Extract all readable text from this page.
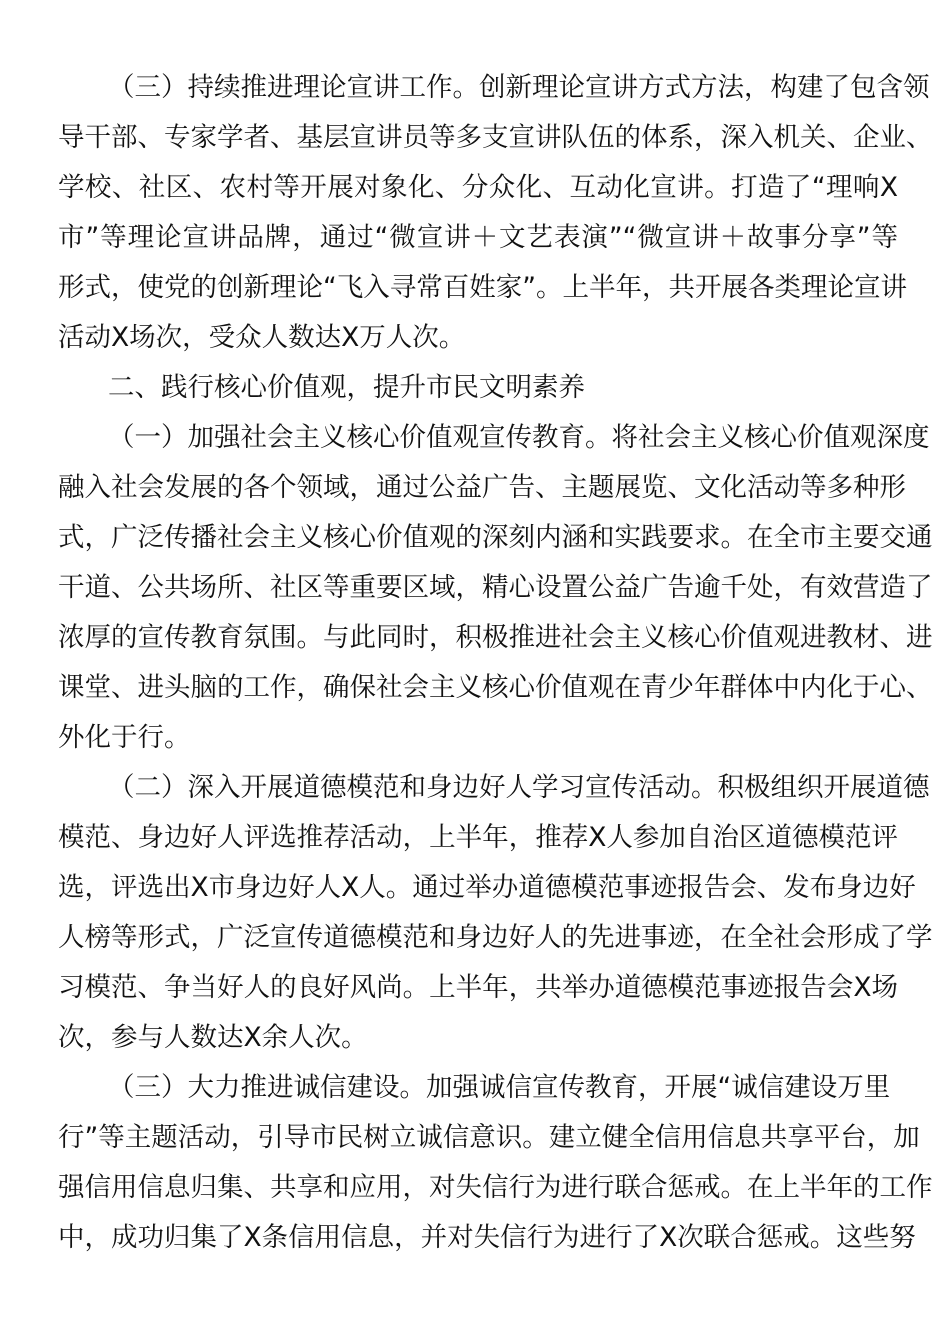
（三）持续推进理论宣讲工作。创新理论宣讲方式方法，构建了包含领
导干部、专家学者、基层宣讲员等多支宣讲队伍的体系，深入机关、企业、
学校、社区、农村等开展对象化、分众化、互动化宣讲。打造了“理响X
市”等理论宣讲品牌，通过“微宣讲＋文艺表演”“微宣讲＋故事分享”等
形式，使党的创新理论“飞入寻常百姓家”。上半年，共开展各类理论宣讲
活动X场次，受众人数达X万人次。
二、践行核心价值观，提升市民文明素养
（一）加强社会主义核心价值观宣传教育。将社会主义核心价值观深度
融入社会发展的各个领域，通过公益广告、主题展览、文化活动等多种形
式，广泛传播社会主义核心价值观的深刻内涵和实践要求。在全市主要交通
干道、公共场所、社区等重要区域，精心设置公益广告逾千处，有效营造了
浓厚的宣传教育氛围。与此同时，积极推进社会主义核心价值观进教材、进
课堂、进头脑的工作，确保社会主义核心价值观在青少年群体中内化于心、
外化于行。
（二）深入开展道德模范和身边好人学习宣传活动。积极组织开展道德
模范、身边好人评选推荐活动，上半年，推荐X人参加自治区道德模范评
选，评选出X市身边好人X人。通过举办道德模范事迹报告会、发布身边好
人榜等形式，广泛宣传道德模范和身边好人的先进事迹，在全社会形成了学
习模范、争当好人的良好风尚。上半年，共举办道德模范事迹报告会X场
次，参与人数达X余人次。
（三）大力推进诚信建设。加强诚信宣传教育，开展“诚信建设万里
行”等主题活动，引导市民树立诚信意识。建立健全信用信息共享平台，加
强信用信息归集、共享和应用，对失信行为进行联合惩戒。在上半年的工作
中，成功归集了X条信用信息，并对失信行为进行了X次联合惩戒。这些努
